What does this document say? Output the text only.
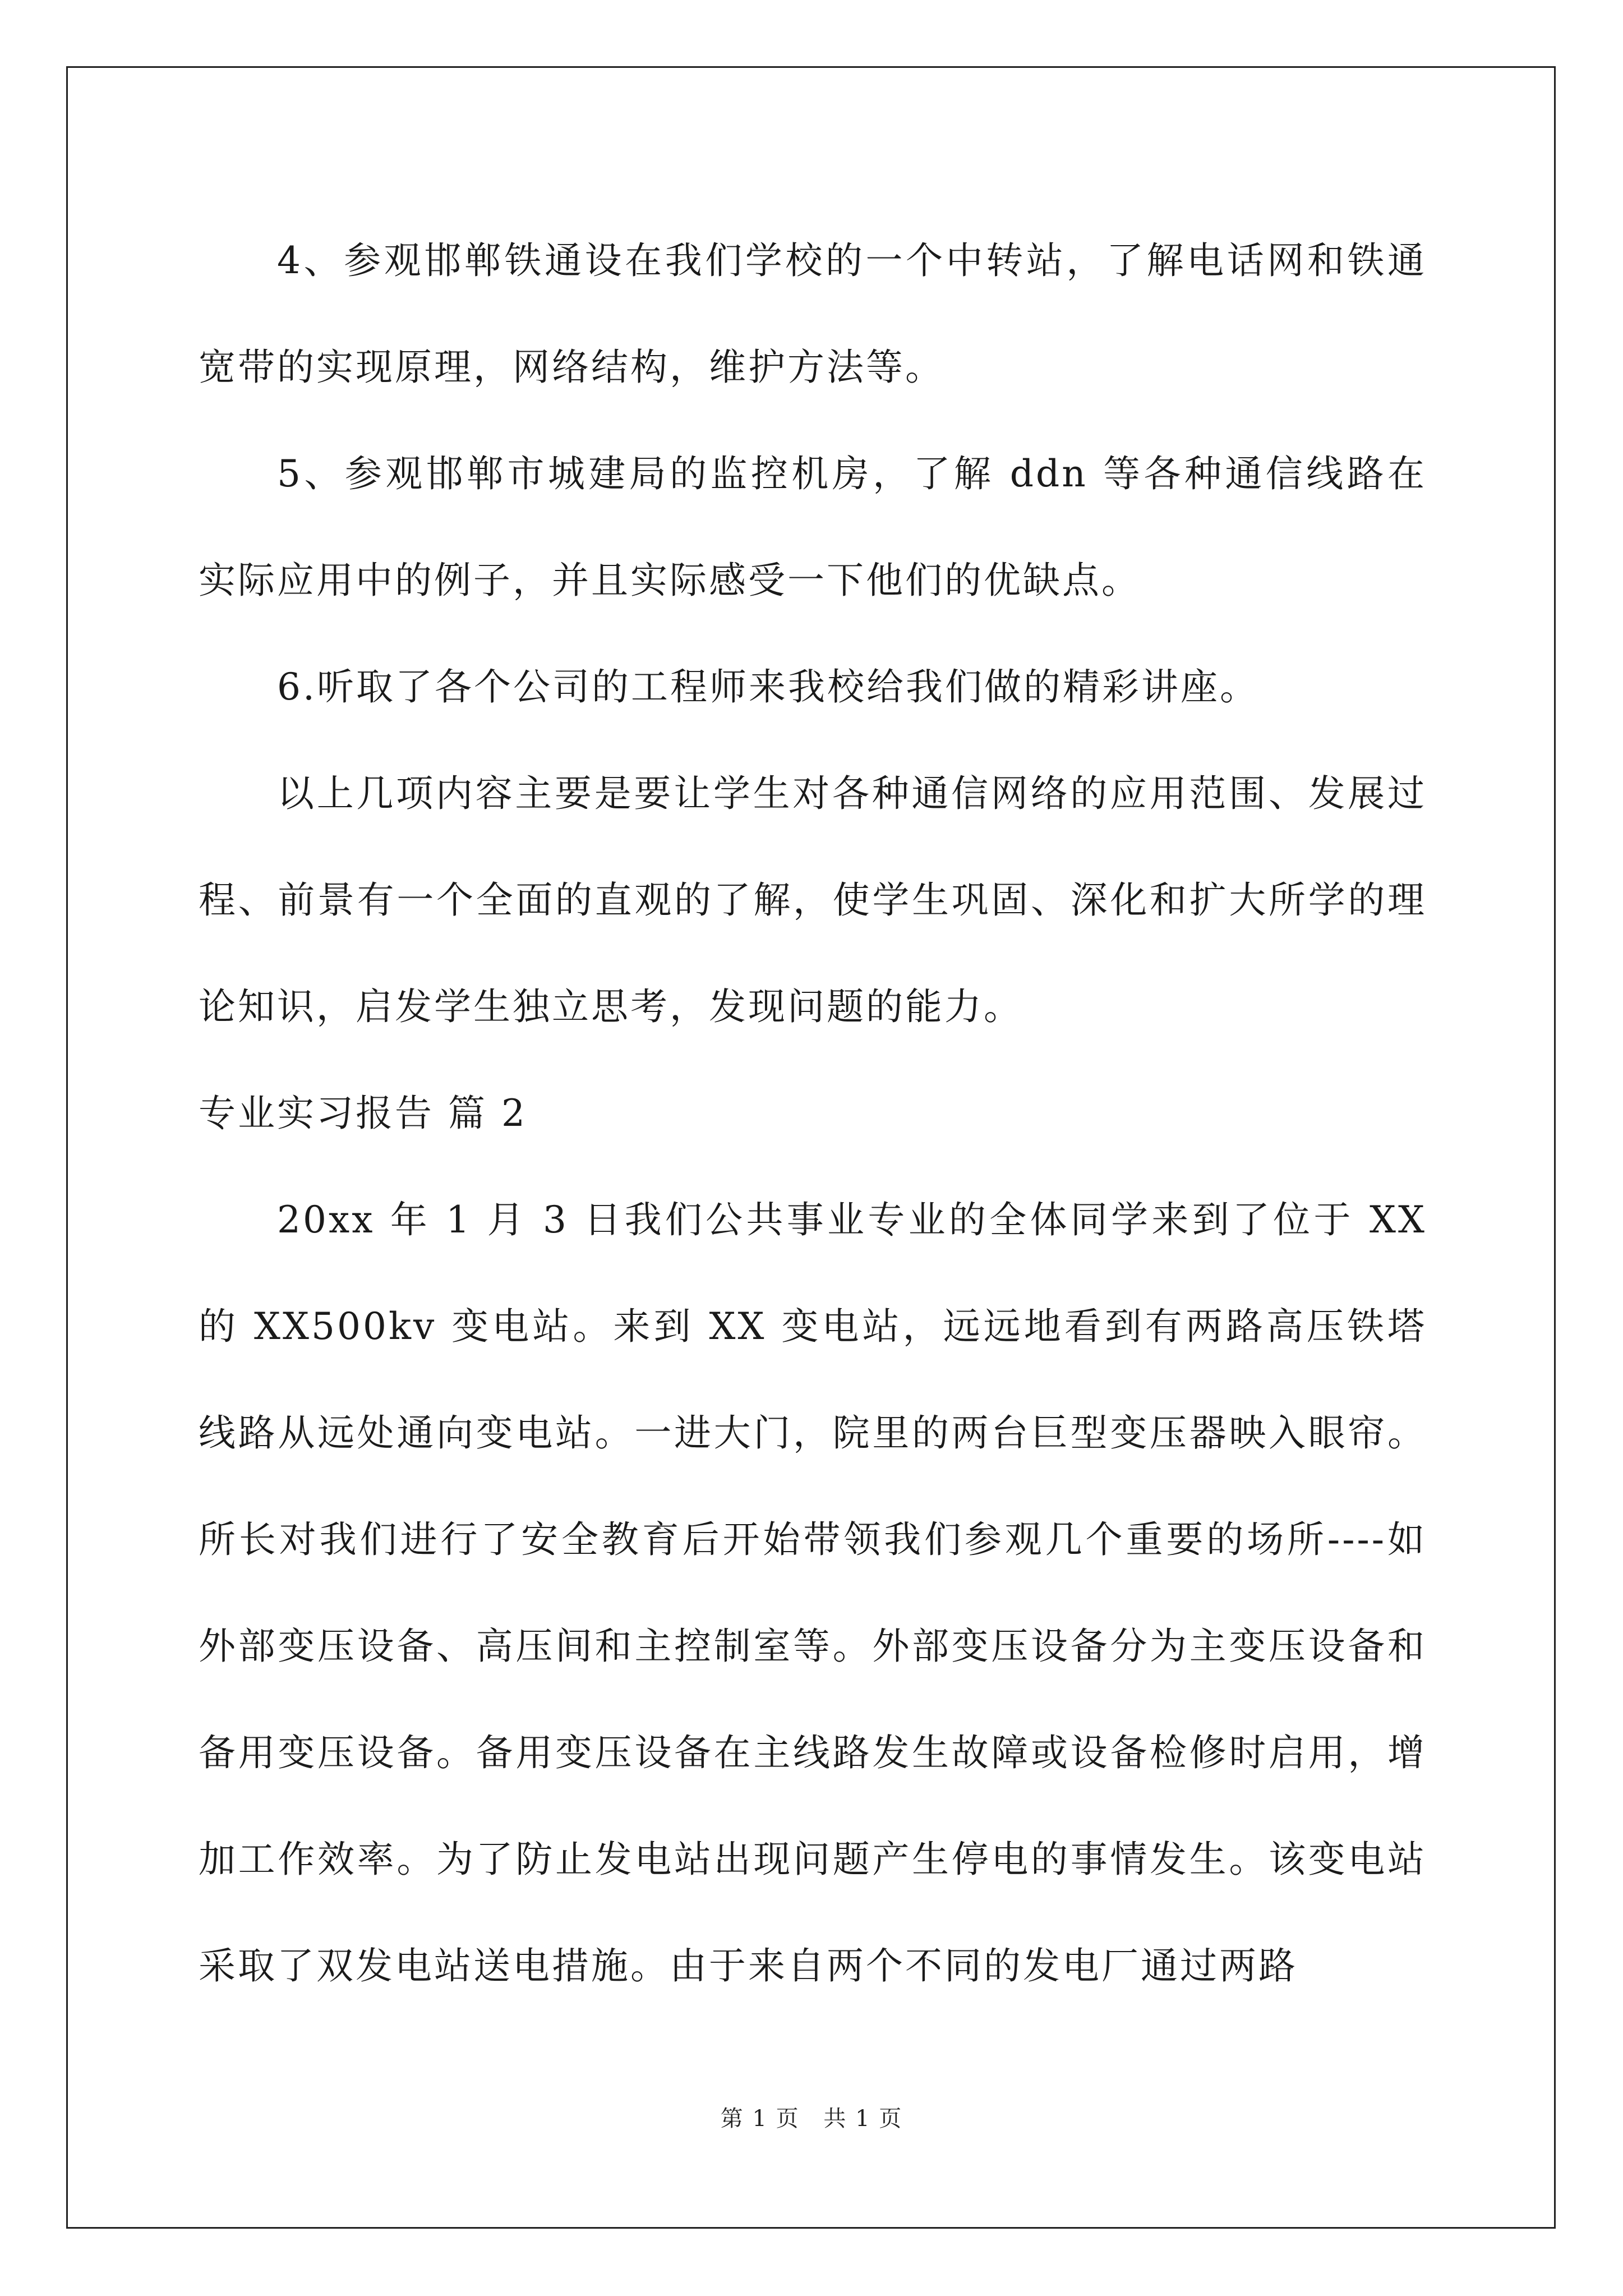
4、参观邯郸铁通设在我们学校的一个中转站，了解电话网和铁通宽带的实现原理，网络结构，维护方法等。

5、参观邯郸市城建局的监控机房，了解 ddn 等各种通信线路在实际应用中的例子，并且实际感受一下他们的优缺点。

6.听取了各个公司的工程师来我校给我们做的精彩讲座。

以上几项内容主要是要让学生对各种通信网络的应用范围、发展过程、前景有一个全面的直观的了解，使学生巩固、深化和扩大所学的理论知识，启发学生独立思考，发现问题的能力。

专业实习报告 篇 2

20xx 年 1 月 3 日我们公共事业专业的全体同学来到了位于 XX 的 XX500kv 变电站。来到 XX 变电站，远远地看到有两路高压铁塔线路从远处通向变电站。一进大门，院里的两台巨型变压器映入眼帘。所长对我们进行了安全教育后开始带领我们参观几个重要的场所----如外部变压设备、高压间和主控制室等。外部变压设备分为主变压设备和备用变压设备。备用变压设备在主线路发生故障或设备检修时启用，增加工作效率。为了防止发电站出现问题产生停电的事情发生。该变电站采取了双发电站送电措施。由于来自两个不同的发电厂通过两路

第 1 页 共 1 页
